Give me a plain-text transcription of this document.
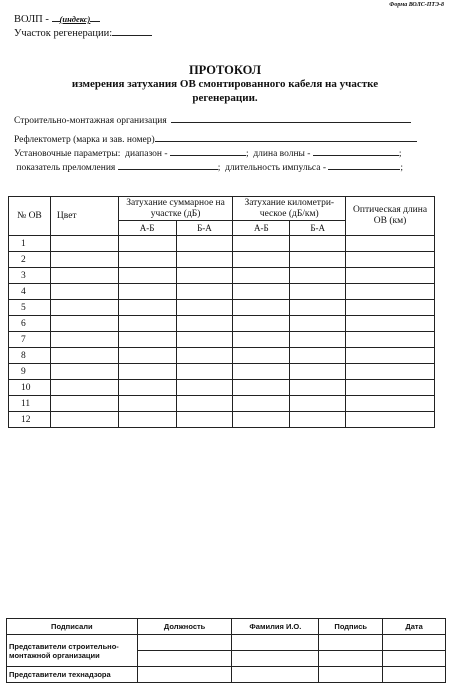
Форма ВОЛС-ПТЭ-8
ВОЛП - (индекс)
Участок регенерации:
ПРОТОКОЛ
измерения затухания ОВ смонтированного кабеля на участке
регенерации.
Строительно-монтажная организация
Рефлектометр (марка и зав. номер)
Установочные параметры: диапазон -	;  длина волны -	;
показатель преломления	;  длительность импульса -	;
№ ОВ	Цвет	Затухание суммарное на участке (дБ)		Затухание километри-ческое (дБ/км)		Оптическая длина ОВ (км)
		А-Б	Б-А	А-Б	Б-А	
1						
2						
3						
4						
5						
6						
7						
8						
9						
10						
11						
12						
Подписали	Должность	Фамилия И.О.	Подпись	Дата
Представители строительно-монтажной организации				

Представители технадзора				
